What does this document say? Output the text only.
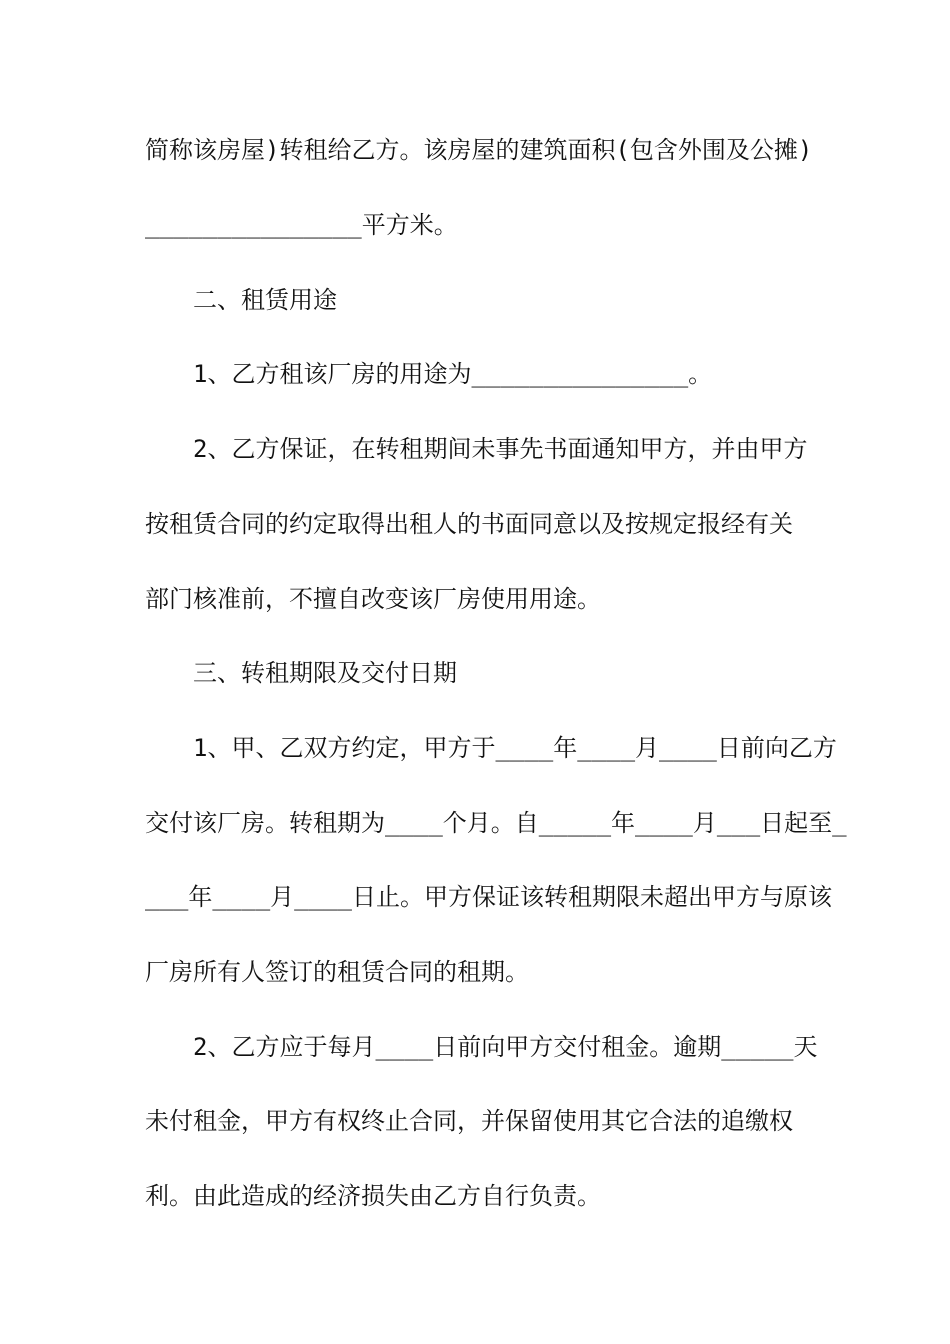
简称该房屋)转租给乙方。该房屋的建筑面积(包含外围及公摊)
_______________平方米。
二、租赁用途
1、乙方租该厂房的用途为_______________。
2、乙方保证，在转租期间未事先书面通知甲方，并由甲方
按租赁合同的约定取得出租人的书面同意以及按规定报经有关
部门核准前，不擅自改变该厂房使用用途。
三、转租期限及交付日期
1、甲、乙双方约定，甲方于____年____月____日前向乙方
交付该厂房。转租期为____个月。自_____年____月___日起至_
___年____月____日止。甲方保证该转租期限未超出甲方与原该
厂房所有人签订的租赁合同的租期。
2、乙方应于每月____日前向甲方交付租金。逾期_____天
未付租金，甲方有权终止合同，并保留使用其它合法的追缴权
利。由此造成的经济损失由乙方自行负责。
